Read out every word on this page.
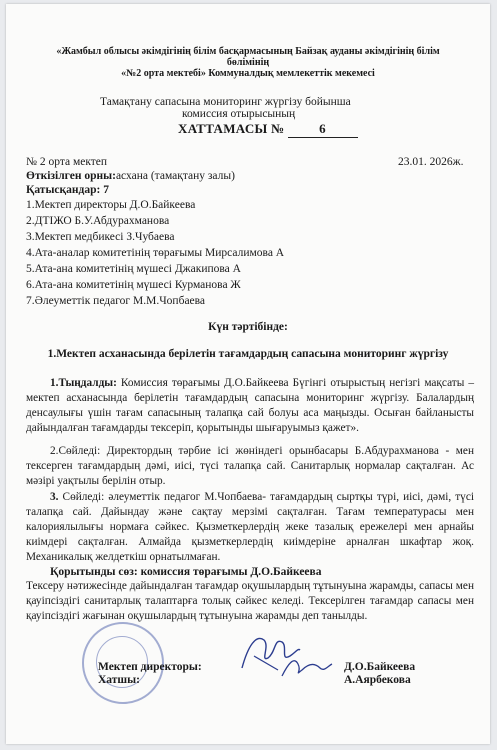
«Жамбыл облысы әкімдігінің білім басқармасының Байзақ ауданы әкімдігінің білім
бөлімінің
«№2 орта мектебі» Коммуналдық мемлекеттік мекемесі
Тамақтану сапасына мониторинг жүргізу бойынша
комиссия отырысының
ХАТТАМАСЫ №	6
№ 2 орта мектеп	23.01. 2026ж.
Өткізілген орны:асхана (тамақтану залы)
Қатысқандар: 7
1.Мектеп директоры Д.О.Байкеева
2.ДТІЖО Б.У.Абдурахманова
3.Мектеп медбикесі З.Чубаева
4.Ата-аналар комитетінің төрағымы Мирсалимова А
5.Ата-ана комитетінің мүшесі Джакипова А
6.Ата-ана комитетінің мүшесі Курманова Ж
7.Әлеуметтік педагог М.М.Чопбаева
Күн тәртібінде:
1.Мектеп асханасында берілетін тағамдардың сапасына мониторинг жүргізу
1.Тыңдалды: Комиссия төрағымы Д.О.Байкеева Бүгінгі отырыстың негізгі мақсаты – мектеп асханасында берілетін тағамдардың сапасына мониторинг жүргізу. Балалардың денсаулығы үшін тағам сапасының талапқа сай болуы аса маңызды. Осыған байланысты дайындалған тағамдарды тексеріп, қорытынды шығаруымыз қажет».
2.Сөйледі: Директордың тәрбие ісі жөніндегі орынбасары Б.Абдурахманова - мен тексерген тағамдардың дәмі, иісі, түсі талапқа сай. Санитарлық нормалар сақталған. Ас мәзірі уақтылы берілін отыр.
3. Сөйледі: әлеуметтік педагог М.Чопбаева- тағамдардың сыртқы түрі, иісі, дәмі, түсі талапқа сай. Дайындау және сақтау мерзімі сақталған. Тағам температурасы мен калориялылығы нормаға сәйкес. Қызметкерлердің жеке тазалық ережелері мен арнайы киімдері сақталған. Алмайда қызметкерлердің киімдеріне арналған шкафтар жоқ. Механикалық желдеткіш орнатылмаған.
Қорытынды сөз: комиссия төрағымы Д.О.Байкеева
Тексеру нәтижесінде дайындалған тағамдар оқушылардың тұтынуына жарамды, сапасы мен қауіпсіздігі санитарлық талаптарға толық сәйкес келеді. Тексерілген тағамдар сапасы мен қауіпсіздігі жағынан оқушылардың тұтынуына жарамды деп танылды.
Мектеп директоры:
Хатшы:
Д.О.Байкеева
А.Аярбекова
